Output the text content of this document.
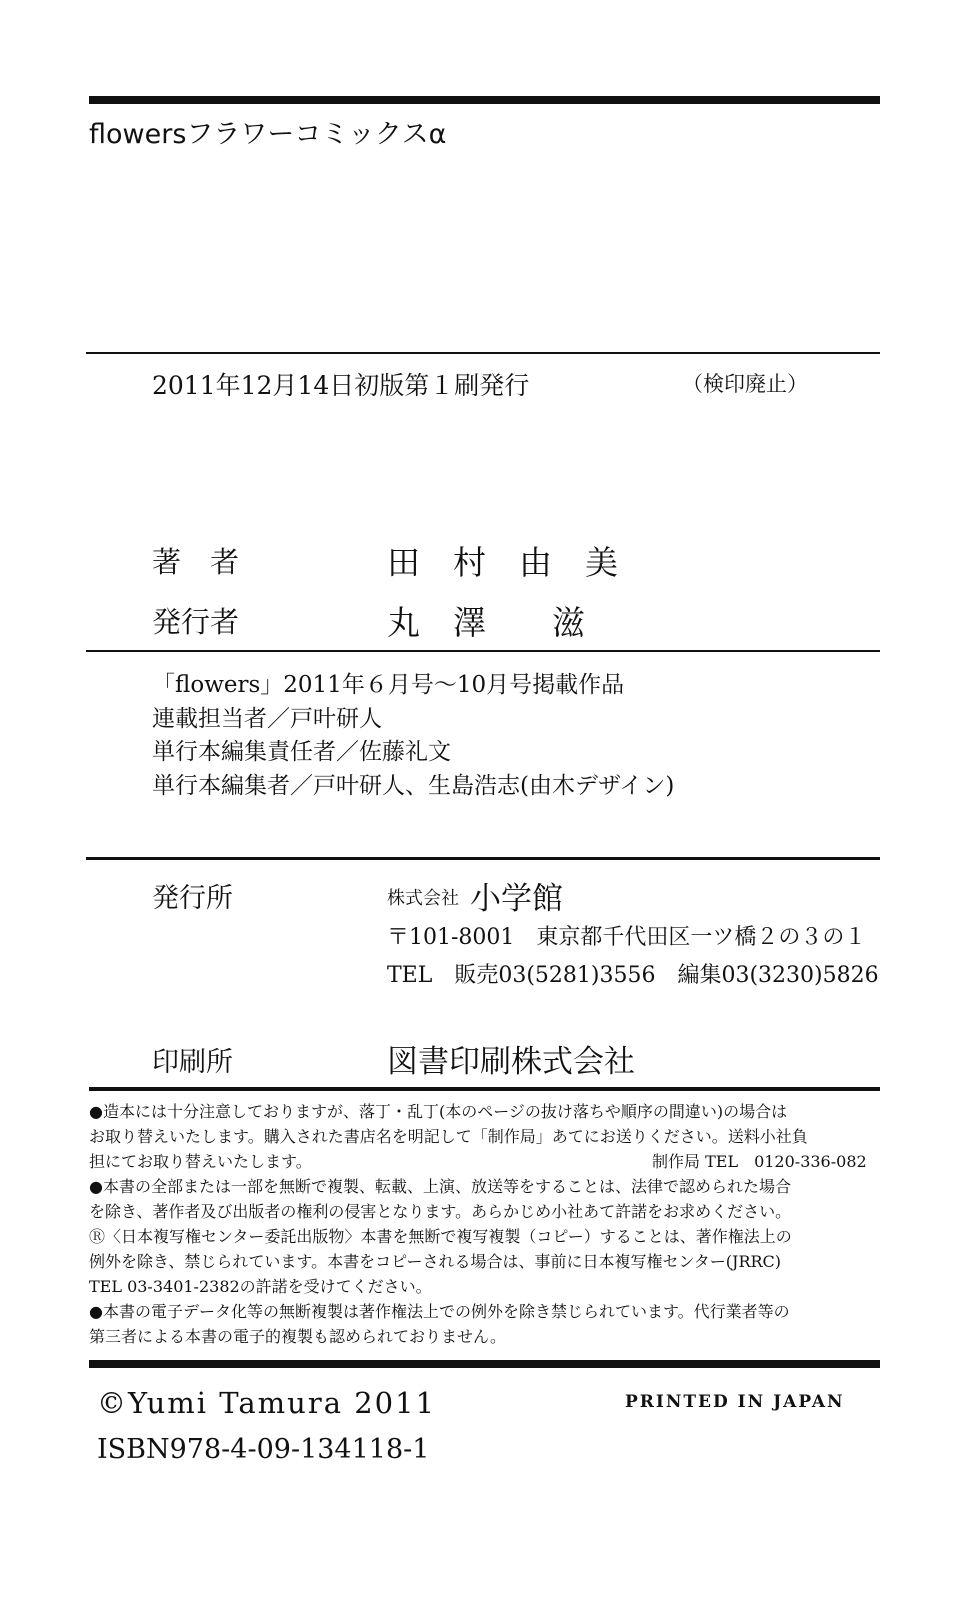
flowersフラワーコミックスα
2011年12月14日初版第１刷発行	（検印廃止）
著　者	田　村　由　美
発行者	丸　澤　　滋
「flowers」2011年６月号〜10月号掲載作品
連載担当者／戸叶研人
単行本編集責任者／佐藤礼文
単行本編集者／戸叶研人、生島浩志(由木デザイン)
発行所	株式会社 小学館
〒101-8001　東京都千代田区一ツ橋２の３の１
TEL　販売03(5281)3556　編集03(3230)5826
印刷所	図書印刷株式会社
●造本には十分注意しておりますが、落丁・乱丁(本のページの抜け落ちや順序の間違い)の場合は
お取り替えいたします。購入された書店名を明記して「制作局」あてにお送りください。送料小社負
担にてお取り替えいたします。	制作局 TEL　0120-336-082
●本書の全部または一部を無断で複製、転載、上演、放送等をすることは、法律で認められた場合
を除き、著作者及び出版者の権利の侵害となります。あらかじめ小社あて許諾をお求めください。
Ⓡ〈日本複写権センター委託出版物〉本書を無断で複写複製（コピー）することは、著作権法上の
例外を除き、禁じられています。本書をコピーされる場合は、事前に日本複写権センター(JRRC)
TEL 03-3401-2382の許諾を受けてください。
●本書の電子データ化等の無断複製は著作権法上での例外を除き禁じられています。代行業者等の
第三者による本書の電子的複製も認められておりません。
©Yumi Tamura 2011	PRINTED IN JAPAN
ISBN978-4-09-134118-1
